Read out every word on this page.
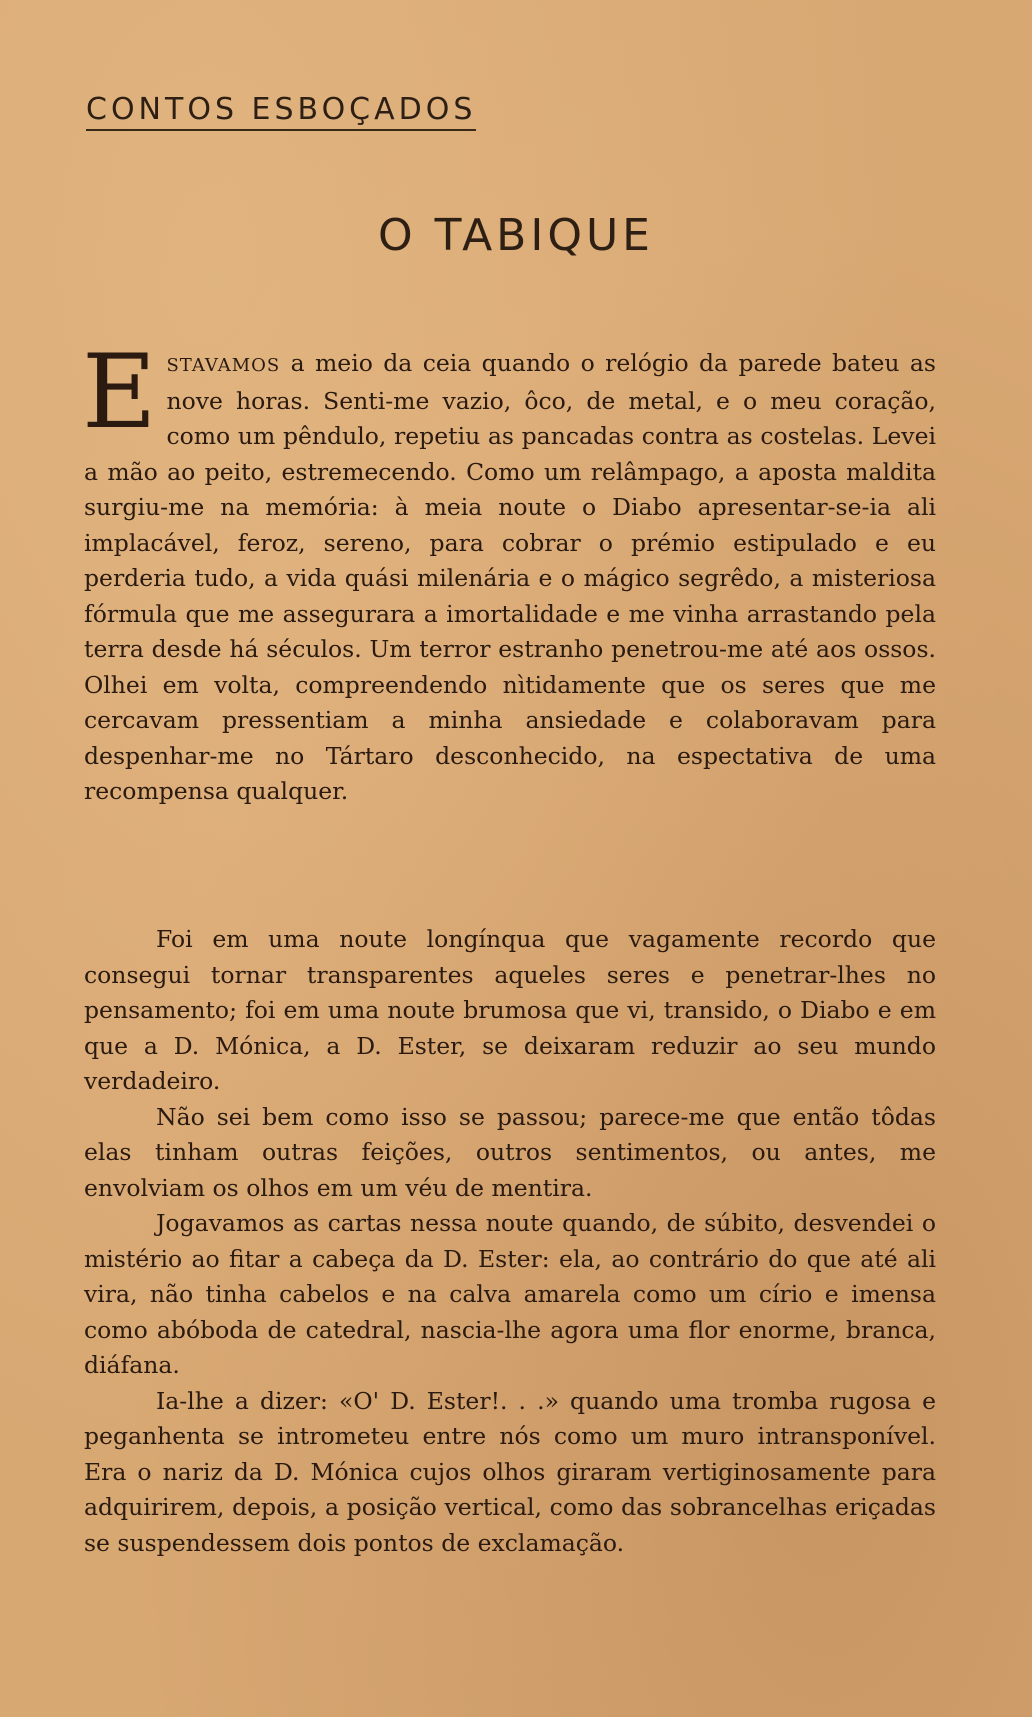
CONTOS ESBOÇADOS
O TABIQUE

ESTAVAMOS a meio da ceia quando o relógio da parede bateu as nove horas. Senti-me vazio, ôco, de metal, e o meu coração, como um pêndulo, repetiu as pancadas contra as costelas. Levei a mão ao peito, estremecendo. Como um relâmpago, a aposta maldita surgiu-me na memória: à meia noute o Diabo apresentar-se-ia ali implacável, feroz, sereno, para cobrar o prémio estipulado e eu perderia tudo, a vida quási milenária e o mágico segrêdo, a misteriosa fórmula que me assegurara a imortalidade e me vinha arrastando pela terra desde há séculos. Um terror estranho penetrou-me até aos ossos. Olhei em volta, compreendendo nìtidamente que os seres que me cercavam pressentiam a minha ansiedade e colaboravam para despenhar-me no Tártaro desconhecido, na espectativa de uma recompensa qualquer.

Foi em uma noute longínqua que vagamente recordo que consegui tornar transparentes aqueles seres e penetrar-lhes no pensamento; foi em uma noute brumosa que vi, transido, o Diabo e em que a D. Mónica, a D. Ester, se deixaram reduzir ao seu mundo verdadeiro.

Não sei bem como isso se passou; parece-me que então tôdas elas tinham outras feições, outros sentimentos, ou antes, me envolviam os olhos em um véu de mentira.

Jogavamos as cartas nessa noute quando, de súbito, desvendei o mistério ao fitar a cabeça da D. Ester: ela, ao contrário do que até ali vira, não tinha cabelos e na calva amarela como um círio e imensa como abóboda de catedral, nascia-lhe agora uma flor enorme, branca, diáfana.

Ia-lhe a dizer: «O' D. Ester!. . .» quando uma tromba rugosa e peganhenta se intrometeu entre nós como um muro intransponível. Era o nariz da D. Mónica cujos olhos giraram vertiginosamente para adquirirem, depois, a posição vertical, como das sobrancelhas eriçadas se suspendessem dois pontos de exclamação.
